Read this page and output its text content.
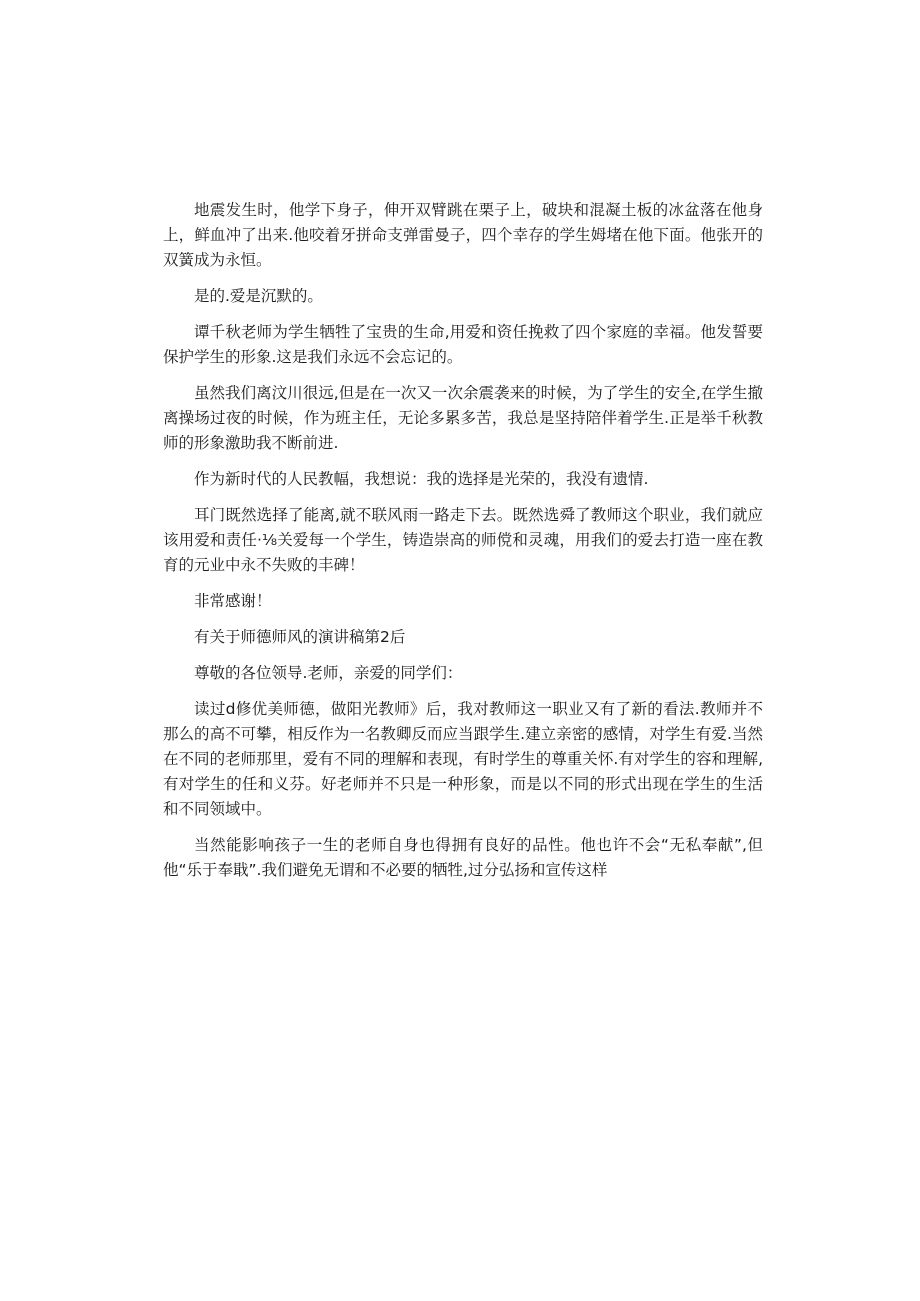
地震发生时，他学下身子，伸开双臂跳在栗子上，破块和混凝土板的冰盆落在他身上，鲜血冲了出来.他咬着牙拼命支弹雷曼子，四个幸存的学生姆堵在他下面。他张开的双簧成为永恒。

是的.爱是沉默的。

谭千秋老师为学生牺牲了宝贵的生命,用爱和资任挽救了四个家庭的幸福。他发誓要保护学生的形象.这是我们永远不会忘记的。

虽然我们离汶川很远,但是在一次又一次余震袭来的时候，为了学生的安全,在学生撤离操场过夜的时候，作为班主任，无论多累多苦，我总是坚持陪伴着学生.正是举千秋教师的形象激助我不断前进.

作为新时代的人民教幅，我想说：我的选择是光荣的，我没有遗情.

耳门既然选择了能离,就不联风雨一路走下去。既然选舜了教师这个职业，我们就应该用爱和责任·⅛关爱每一个学生，铸造崇高的师傥和灵魂，用我们的爱去打造一座在教育的元业中永不失败的丰碑！

非常感谢！

有关于师德师风的演讲稿第2后

尊敬的各位领导.老师，亲爱的同学们：

读过d修优美师德，做阳光教师》后，我对教师这一职业又有了新的看法.教师并不那么的高不可攀，相反作为一名教卿反而应当跟学生.建立亲密的感情，对学生有爱.当然在不同的老师那里，爱有不同的理解和表现，有时学生的尊重关怀.有对学生的容和理解,有对学生的任和义芬。好老师并不只是一种形象，而是以不同的形式出现在学生的生活和不同领域中。

当然能影响孩子一生的老师自身也得拥有良好的品性。他也许不会“无私奉献”,但他“乐于奉戢”.我们避免无谓和不必要的牺牲,过分弘扬和宣传这样
